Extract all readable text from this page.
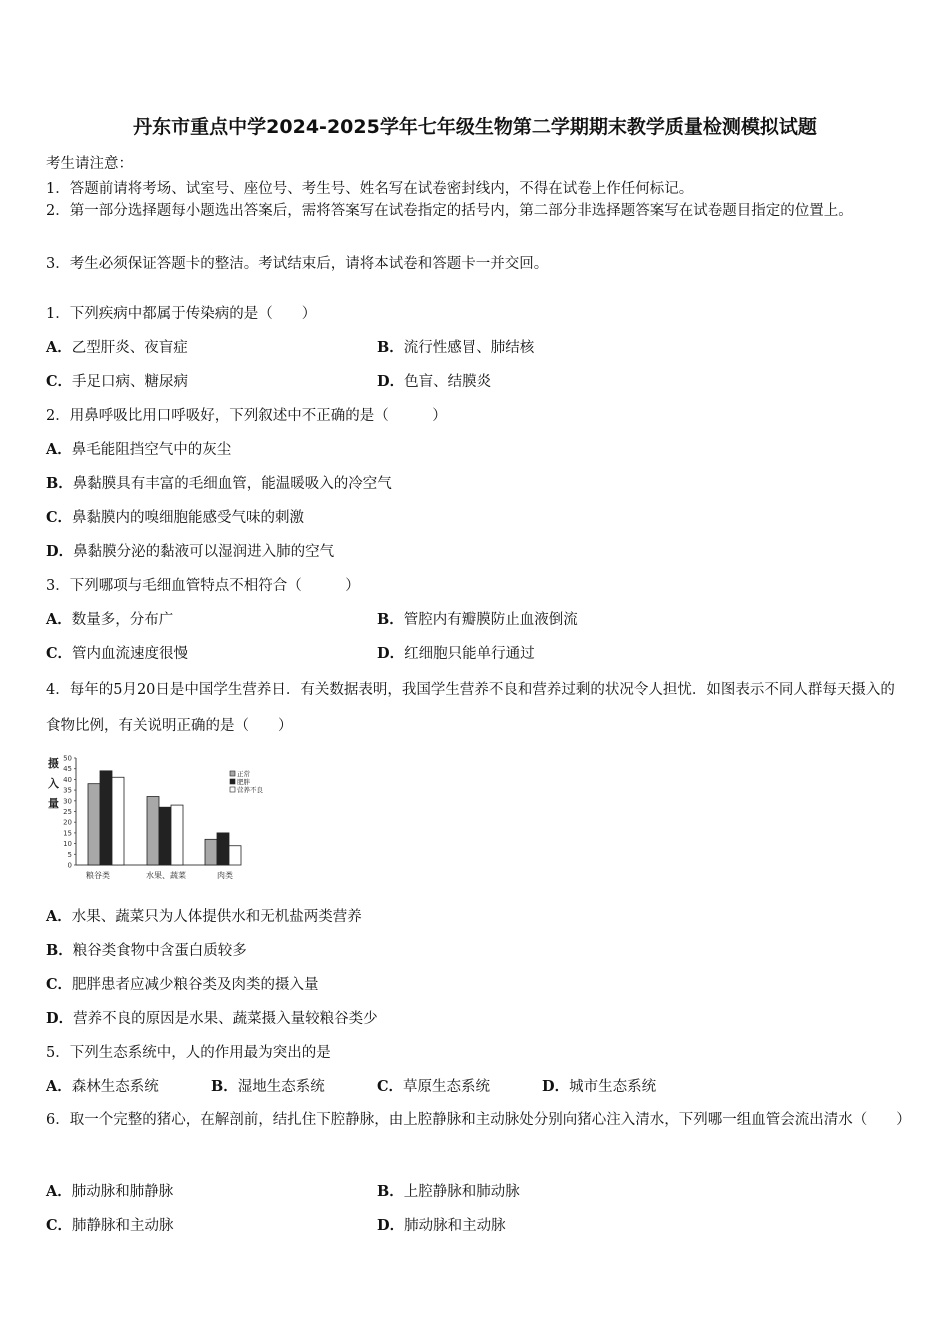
丹东市重点中学2024-2025学年七年级生物第二学期期末教学质量检测模拟试题
考生请注意：
1．答题前请将考场、试室号、座位号、考生号、姓名写在试卷密封线内，不得在试卷上作任何标记。
2．第一部分选择题每小题选出答案后，需将答案写在试卷指定的括号内，第二部分非选择题答案写在试卷题目指定的位置上。
3．考生必须保证答题卡的整洁。考试结束后，请将本试卷和答题卡一并交回。
1．下列疾病中都属于传染病的是（　　）
A．乙型肝炎、夜盲症	B．流行性感冒、肺结核
C．手足口病、糖尿病	D．色盲、结膜炎
2．用鼻呼吸比用口呼吸好，下列叙述中不正确的是（　　　）
A．鼻毛能阻挡空气中的灰尘
B．鼻黏膜具有丰富的毛细血管，能温暖吸入的冷空气
C．鼻黏膜内的嗅细胞能感受气味的刺激
D．鼻黏膜分泌的黏液可以湿润进入肺的空气
3．下列哪项与毛细血管特点不相符合（　　　）
A．数量多，分布广	B．管腔内有瓣膜防止血液倒流
C．管内血流速度很慢	D．红细胞只能单行通过
4．每年的5月20日是中国学生营养日．有关数据表明，我国学生营养不良和营养过剩的状况令人担忧．如图表示不同人群每天摄入的食物比例，有关说明正确的是（　　）
摄
入
量
0
5
10
15
20
25
30
35
40
45
50
粮谷类	水果、蔬菜	肉类
正常
肥胖
营养不良
A．水果、蔬菜只为人体提供水和无机盐两类营养
B．粮谷类食物中含蛋白质较多
C．肥胖患者应减少粮谷类及肉类的摄入量
D．营养不良的原因是水果、蔬菜摄入量较粮谷类少
5．下列生态系统中，人的作用最为突出的是
A．森林生态系统	B．湿地生态系统	C．草原生态系统	D．城市生态系统
6．取一个完整的猪心，在解剖前，结扎住下腔静脉，由上腔静脉和主动脉处分别向猪心注入清水，下列哪一组血管会流出清水（　　）
A．肺动脉和肺静脉	B．上腔静脉和肺动脉
C．肺静脉和主动脉	D．肺动脉和主动脉
